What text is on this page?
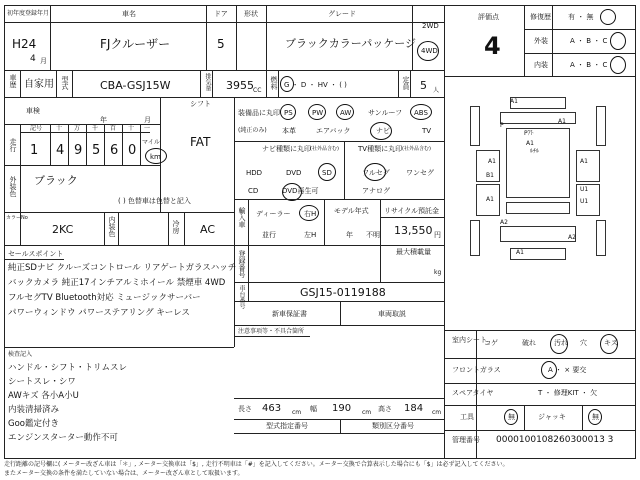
初年度登録年月
H24
4 月
車名
FJクルーザー
ドア
5
形状	グレード
ブラックカラーパッケージ
2WD
4WD
車歴 自家用 型式	CBA-GSJ15W	排気量 3955 CC
燃料 G ・ D ・ HV ・ ( )	定員 5 人
車検
年	月
シフト
FAT
走行
記号 十 万 千 百 十 一
1 4 9 5 6 0
マイル
km
外装色 ブラック
( ) 色替車は色替と記入
カラーNo
2KC	内装色	冷房 AC
セールスポイント
純正SDナビ クルーズコントロール リアゲートガラスハッチ
バックカメラ 純正17インチアルミホイール 禁煙車 4WD
フルセグTV Bluetooth対応 ミュージックサーバー
パワーウィンドウ パワーステアリング キーレス
検査記入
ハンドル・シフト・トリムスレ
シートスレ・シワ
AWキズ 各小A小U
内装清掃済み
Goo鑑定付き
エンジンスターター動作不可
装備品に丸印
(純正のみ)
PS	PW AW サンルーフ ABS
本革	エアバック	ナビ	TV
ナビ種類に丸印 (社外品含む)	TV種類に丸印 (社外品含む)
HDD	DVD	SD
CD	DVD再生可
フルセグ ワンセグ
アナログ
輸入車 ディーラー
並行
右H
左H
モデル年式
年 不明
リサイクル預託金
13,550 円
最大積載量
kg
登録番号
車台番号	GSJ15-0119188
新車保証書	車両取説
注意事項等・不具合箇所
長さ 463 cm 幅 190 cm 高さ 184 cm
型式指定番号	類別区分番号
評価点
4
修復歴 有 ・ 無
外装	A ・ B ・ C
内装	A ・ B ・ C
A1
P
A1
Pｱﾄ
A1
ﾙﾁﾙ
A1
B1
A1
A1
U1
U1
A2
A1
A2
室内シート
コゲ	破れ	汚れ 穴 キズ
フロントガラス	A ・ × 要交
スペアタイヤ	T ・ 修理KIT ・ 欠
工具	無	ジャッキ	無
管理番号 0000100108260300013 3
走行距離の記号欄に( メーター改ざん車は「＊」, メーター交換車は「$」, 走行不明車は「#」を記入してください。メーター交換で合算表示した場合にも「$」は必ず記入してください。
またメーター交換の条件を満たしていない場合は、メーター改ざん車として取扱います。
